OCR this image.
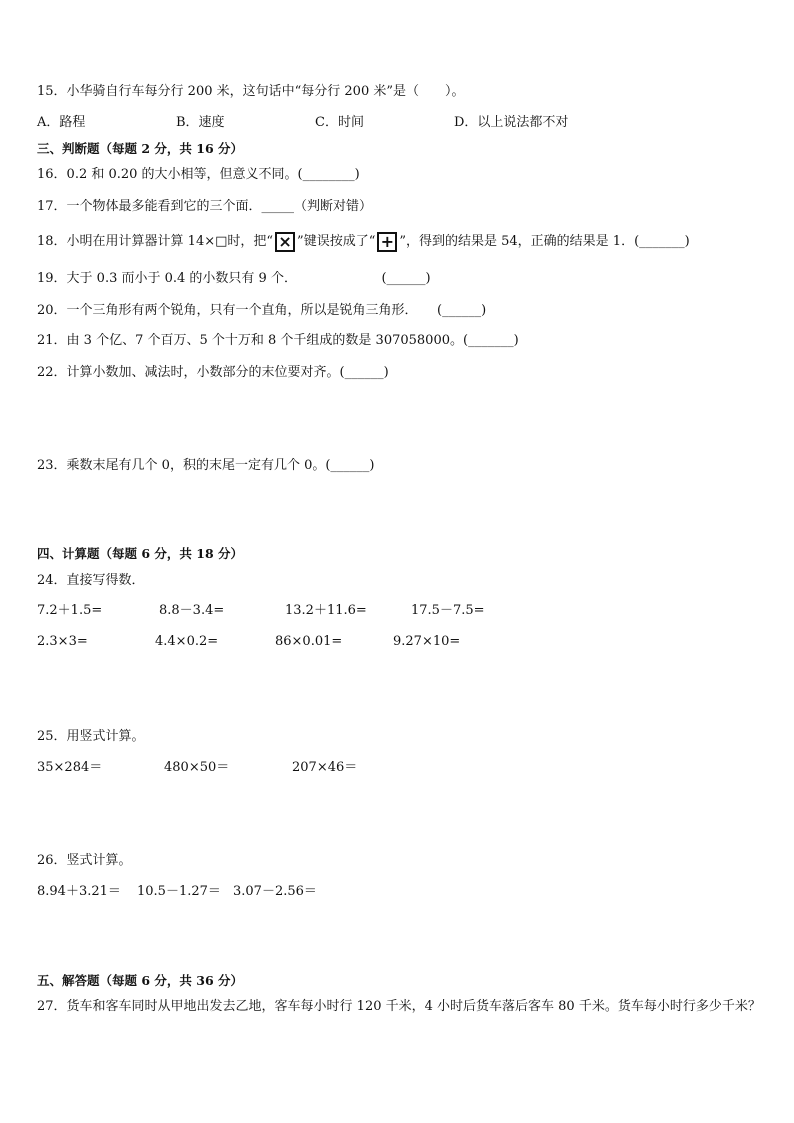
15．小华骑自行车每分行 200 米，这句话中“每分行 200 米”是（　　）。
A．路程	B．速度	C．时间	D．以上说法都不对
三、判断题（每题 2 分，共 16 分）
16．0.2 和 0.20 的大小相等，但意义不同。(________)
17．一个物体最多能看到它的三个面．_____（判断对错）
18．小明在用计算器计算 14×□时，把“ × ”键误按成了“ + ”，得到的结果是 54，正确的结果是 1．(_______)
19．大于 0.3 而小于 0.4 的小数只有 9 个．　　　　　　　(______)
20．一个三角形有两个锐角，只有一个直角，所以是锐角三角形．　　(______)
21．由 3 个亿、7 个百万、5 个十万和 8 个千组成的数是 307058000。(_______)
22．计算小数加、减法时，小数部分的末位要对齐。(______)
23．乘数末尾有几个 0，积的末尾一定有几个 0。(______)
四、计算题（每题 6 分，共 18 分）
24．直接写得数．
7.2＋1.5=	8.8－3.4=	13.2＋11.6=	17.5－7.5=
2.3×3=	4.4×0.2=	86×0.01=	9.27×10=
25．用竖式计算。
35×284＝	480×50＝	207×46＝
26．竖式计算。
8.94＋3.21＝ 10.5－1.27＝ 3.07－2.56＝
五、解答题（每题 6 分，共 36 分）
27．货车和客车同时从甲地出发去乙地，客车每小时行 120 千米，4 小时后货车落后客车 80 千米。货车每小时行多少千米？
